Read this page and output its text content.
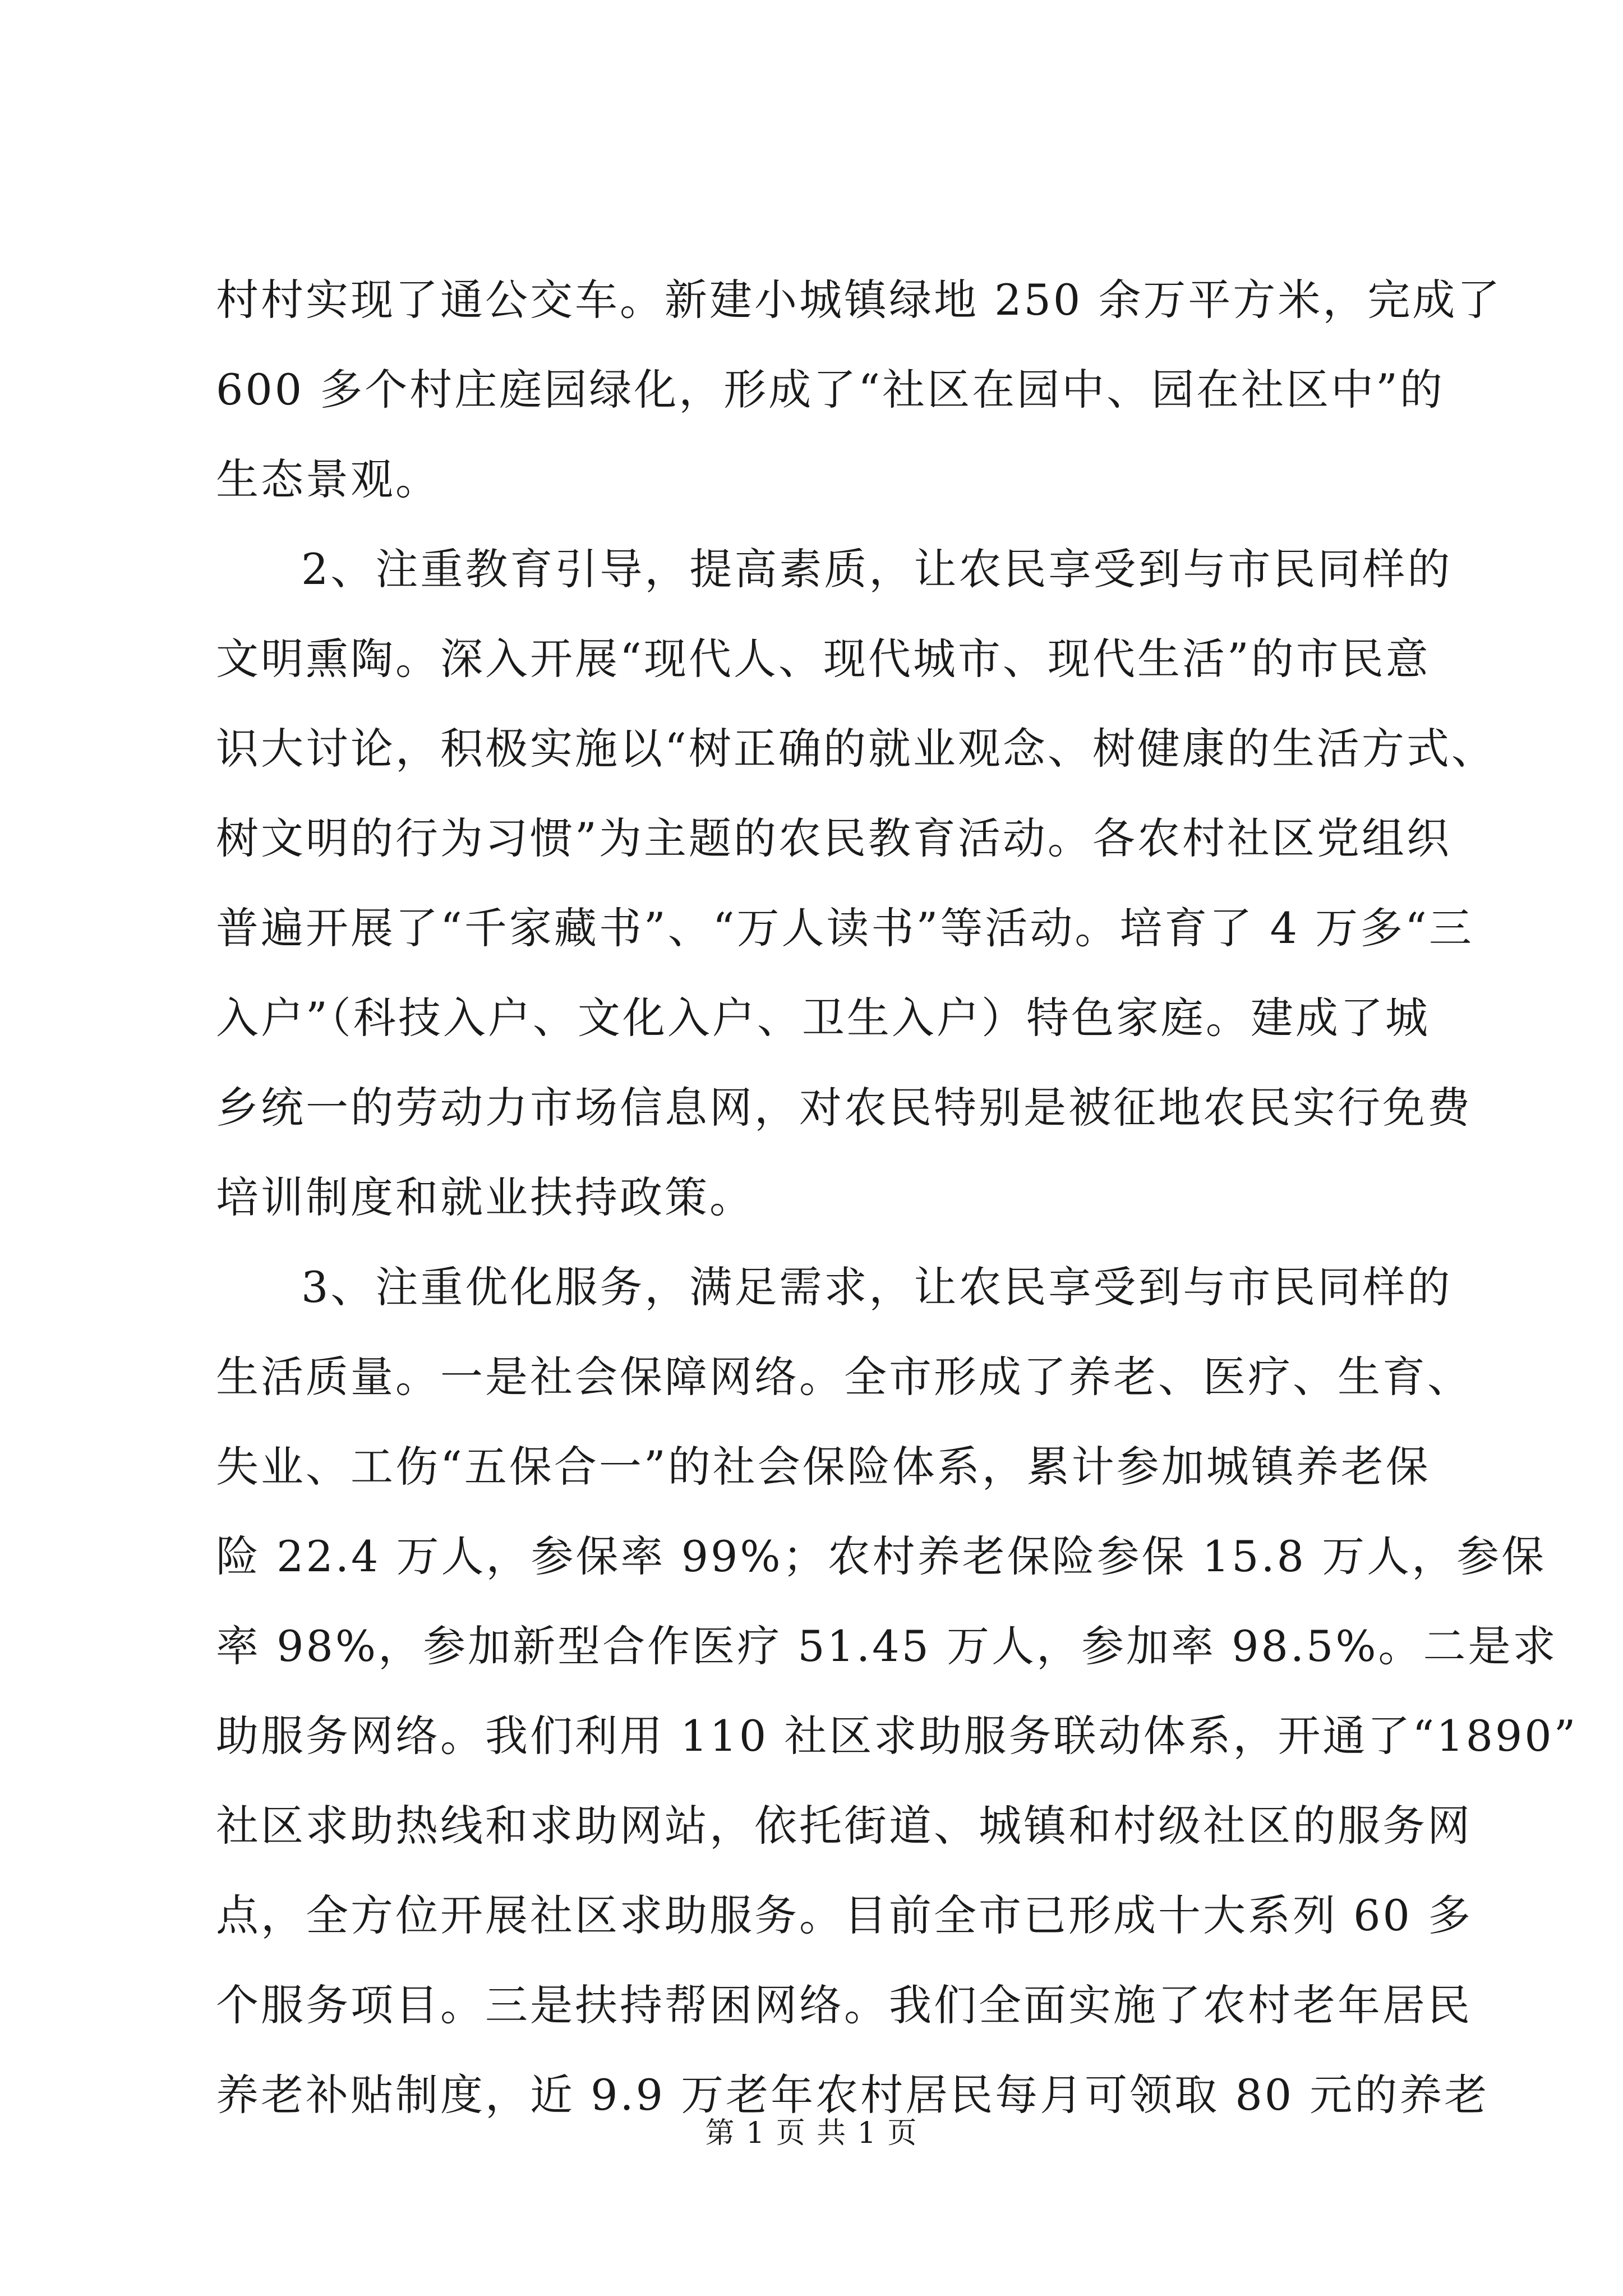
村村实现了通公交车。新建小城镇绿地 250 余万平方米，完成了
600 多个村庄庭园绿化，形成了“社区在园中、园在社区中”的
生态景观。
2、注重教育引导，提高素质，让农民享受到与市民同样的
文明熏陶。深入开展“现代人、现代城市、现代生活”的市民意
识大讨论，积极实施以“树正确的就业观念、树健康的生活方式、
树文明的行为习惯”为主题的农民教育活动。各农村社区党组织
普遍开展了“千家藏书”、“万人读书”等活动。培育了 4 万多“三
入户”（科技入户、文化入户、卫生入户）特色家庭。建成了城
乡统一的劳动力市场信息网，对农民特别是被征地农民实行免费
培训制度和就业扶持政策。
3、注重优化服务，满足需求，让农民享受到与市民同样的
生活质量。一是社会保障网络。全市形成了养老、医疗、生育、
失业、工伤“五保合一”的社会保险体系，累计参加城镇养老保
险 22.4 万人，参保率 99%；农村养老保险参保 15.8 万人，参保
率 98%，参加新型合作医疗 51.45 万人，参加率 98.5%。二是求
助服务网络。我们利用 110 社区求助服务联动体系，开通了“1890”
社区求助热线和求助网站，依托街道、城镇和村级社区的服务网
点，全方位开展社区求助服务。目前全市已形成十大系列 60 多
个服务项目。三是扶持帮困网络。我们全面实施了农村老年居民
养老补贴制度，近 9.9 万老年农村居民每月可领取 80 元的养老
第 1 页 共 1 页
